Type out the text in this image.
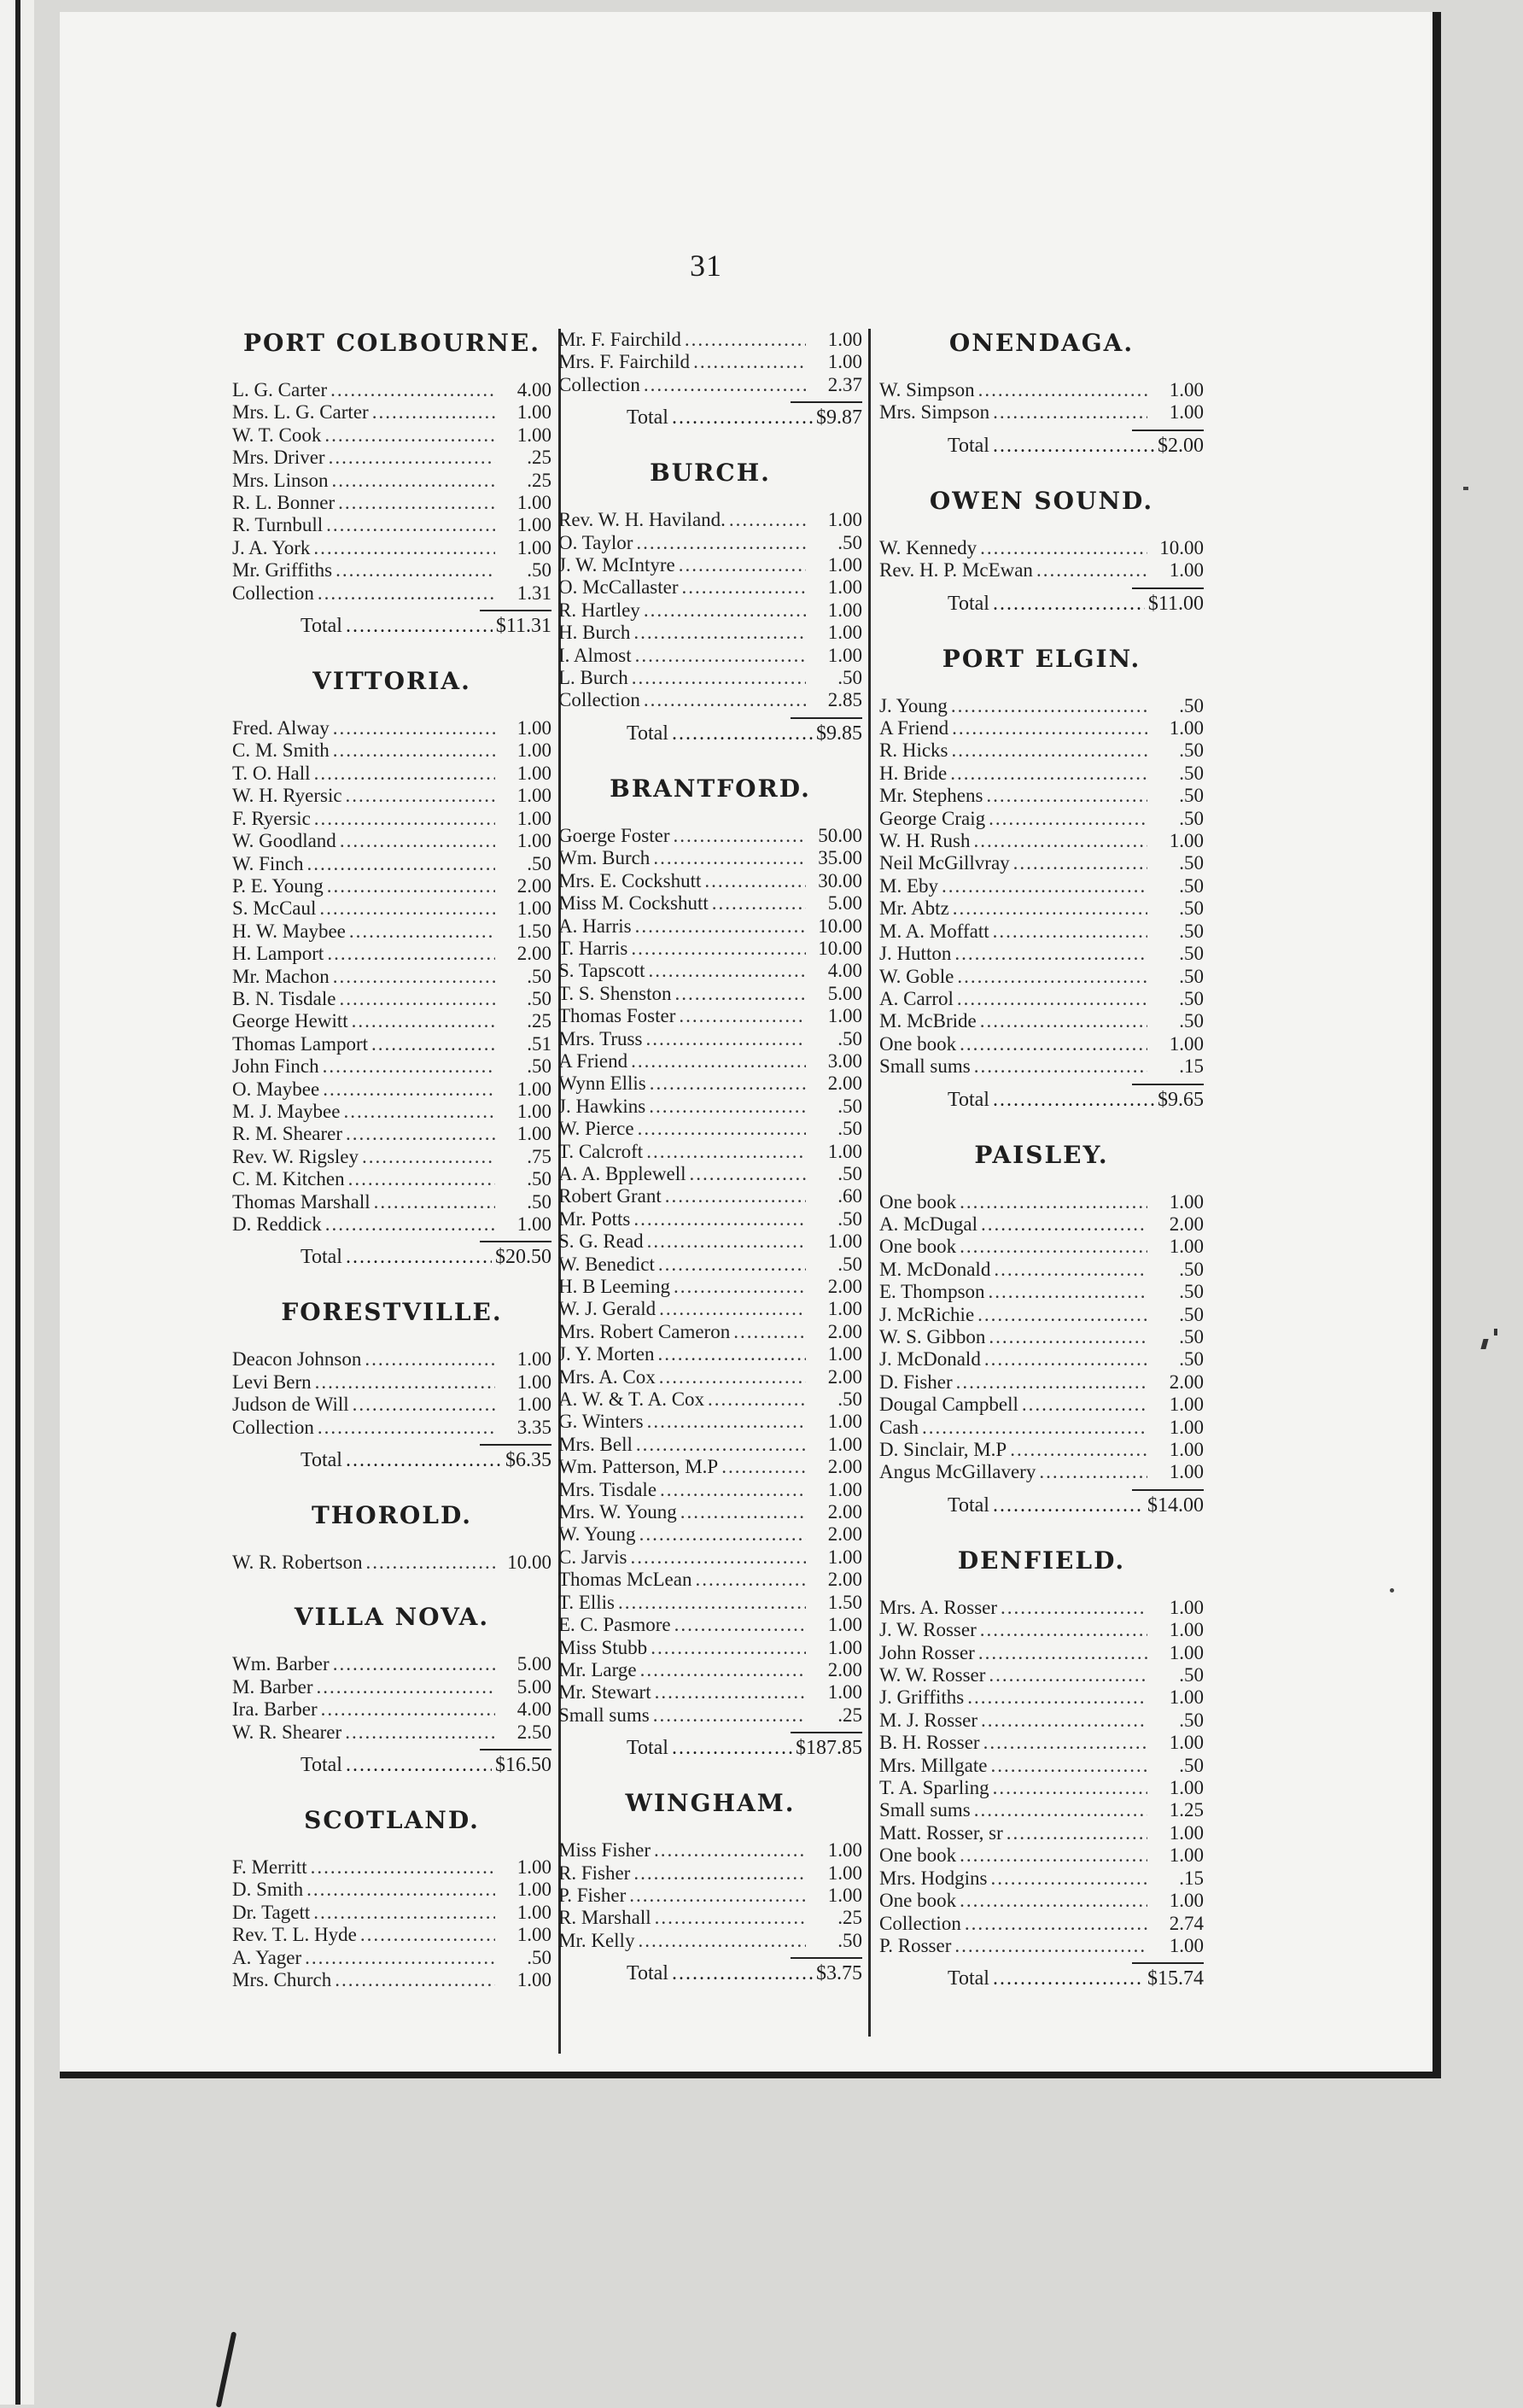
31
PORT COLBOURNE.
L. G. Carter .....	4.00
Mrs. L. G. Carter .....	1.00
W. T. Cook .....	1.00
Mrs. Driver .....	.25
Mrs. Linson .....	.25
R. L. Bonner .....	1.00
R. Turnbull .....	1.00
J. A. York .....	1.00
Mr. Griffiths .....	.50
Collection .....	1.31
Total .....	$11.31
VITTORIA.
Fred. Alway .....	1.00
C. M. Smith .....	1.00
T. O. Hall .....	1.00
W. H. Ryersic .....	1.00
F. Ryersic .....	1.00
W. Goodland .....	1.00
W. Finch .....	.50
P. E. Young .....	2.00
S. McCaul .....	1.00
H. W. Maybee .....	1.50
H. Lamport .....	2.00
Mr. Machon .....	.50
B. N. Tisdale .....	.50
George Hewitt .....	.25
Thomas Lamport .....	.51
John Finch .....	.50
O. Maybee .....	1.00
M. J. Maybee .....	1.00
R. M. Shearer .....	1.00
Rev. W. Rigsley .....	.75
C. M. Kitchen .....	.50
Thomas Marshall .....	.50
D. Reddick .....	1.00
Total .....	$20.50
FORESTVILLE.
Deacon Johnson .....	1.00
Levi Bern .....	1.00
Judson de Will .....	1.00
Collection .....	3.35
Total .....	$6.35
THOROLD.
W. R. Robertson .....	10.00
VILLA NOVA.
Wm. Barber .....	5.00
M. Barber .....	5.00
Ira. Barber .....	4.00
W. R. Shearer .....	2.50
Total .....	$16.50
SCOTLAND.
F. Merritt .....	1.00
D. Smith .....	1.00
Dr. Tagett .....	1.00
Rev. T. L. Hyde .....	1.00
A. Yager .....	.50
Mrs. Church .....	1.00
Mr. F. Fairchild .....	1.00
Mrs. F. Fairchild .....	1.00
Collection .....	2.37
Total .....	$9.87
BURCH.
Rev. W. H. Haviland. .....	1.00
O. Taylor .....	.50
J. W. McIntyre .....	1.00
O. McCallaster .....	1.00
R. Hartley .....	1.00
H. Burch .....	1.00
I. Almost .....	1.00
L. Burch .....	.50
Collection .....	2.85
Total .....	$9.85
BRANTFORD.
Goerge Foster .....	50.00
Wm. Burch .....	35.00
Mrs. E. Cockshutt .....	30.00
Miss M. Cockshutt .....	5.00
A. Harris .....	10.00
T. Harris .....	10.00
S. Tapscott .....	4.00
T. S. Shenston .....	5.00
Thomas Foster .....	1.00
Mrs. Truss .....	.50
A Friend .....	3.00
Wynn Ellis .....	2.00
J. Hawkins .....	.50
W. Pierce .....	.50
T. Calcroft .....	1.00
A. A. Bpplewell .....	.50
Robert Grant .....	.60
Mr. Potts .....	.50
S. G. Read .....	1.00
W. Benedict .....	.50
H. B Leeming .....	2.00
W. J. Gerald .....	1.00
Mrs. Robert Cameron .....	2.00
J. Y. Morten .....	1.00
Mrs. A. Cox .....	2.00
A. W. & T. A. Cox .....	.50
G. Winters .....	1.00
Mrs. Bell .....	1.00
Wm. Patterson, M.P .....	2.00
Mrs. Tisdale .....	1.00
Mrs. W. Young .....	2.00
W. Young .....	2.00
C. Jarvis .....	1.00
Thomas McLean .....	2.00
T. Ellis .....	1.50
E. C. Pasmore .....	1.00
Miss Stubb .....	1.00
Mr. Large .....	2.00
Mr. Stewart .....	1.00
Small sums .....	.25
Total .....	$187.85
WINGHAM.
Miss Fisher .....	1.00
R. Fisher .....	1.00
P. Fisher .....	1.00
R. Marshall .....	.25
Mr. Kelly .....	.50
Total .....	$3.75
ONENDAGA.
W. Simpson .....	1.00
Mrs. Simpson .....	1.00
Total .....	$2.00
OWEN SOUND.
W. Kennedy .....	10.00
Rev. H. P. McEwan .....	1.00
Total .....	$11.00
PORT ELGIN.
J. Young .....	.50
A Friend .....	1.00
R. Hicks .....	.50
H. Bride .....	.50
Mr. Stephens .....	.50
George Craig .....	.50
W. H. Rush .....	1.00
Neil McGillvray .....	.50
M. Eby .....	.50
Mr. Abtz .....	.50
M. A. Moffatt .....	.50
J. Hutton .....	.50
W. Goble .....	.50
A. Carrol .....	.50
M. McBride .....	.50
One book .....	1.00
Small sums .....	.15
Total .....	$9.65
PAISLEY.
One book .....	1.00
A. McDugal .....	2.00
One book .....	1.00
M. McDonald .....	.50
E. Thompson .....	.50
J. McRichie .....	.50
W. S. Gibbon .....	.50
J. McDonald .....	.50
D. Fisher .....	2.00
Dougal Campbell .....	1.00
Cash .....	1.00
D. Sinclair, M.P .....	1.00
Angus McGillavery .....	1.00
Total .....	$14.00
DENFIELD.
Mrs. A. Rosser .....	1.00
J. W. Rosser .....	1.00
John Rosser .....	1.00
W. W. Rosser .....	.50
J. Griffiths .....	1.00
M. J. Rosser .....	.50
B. H. Rosser .....	1.00
Mrs. Millgate .....	.50
T. A. Sparling .....	1.00
Small sums .....	1.25
Matt. Rosser, sr .....	1.00
One book .....	1.00
Mrs. Hodgins .....	.15
One book .....	1.00
Collection .....	2.74
P. Rosser .....	1.00
Total .....	$15.74
